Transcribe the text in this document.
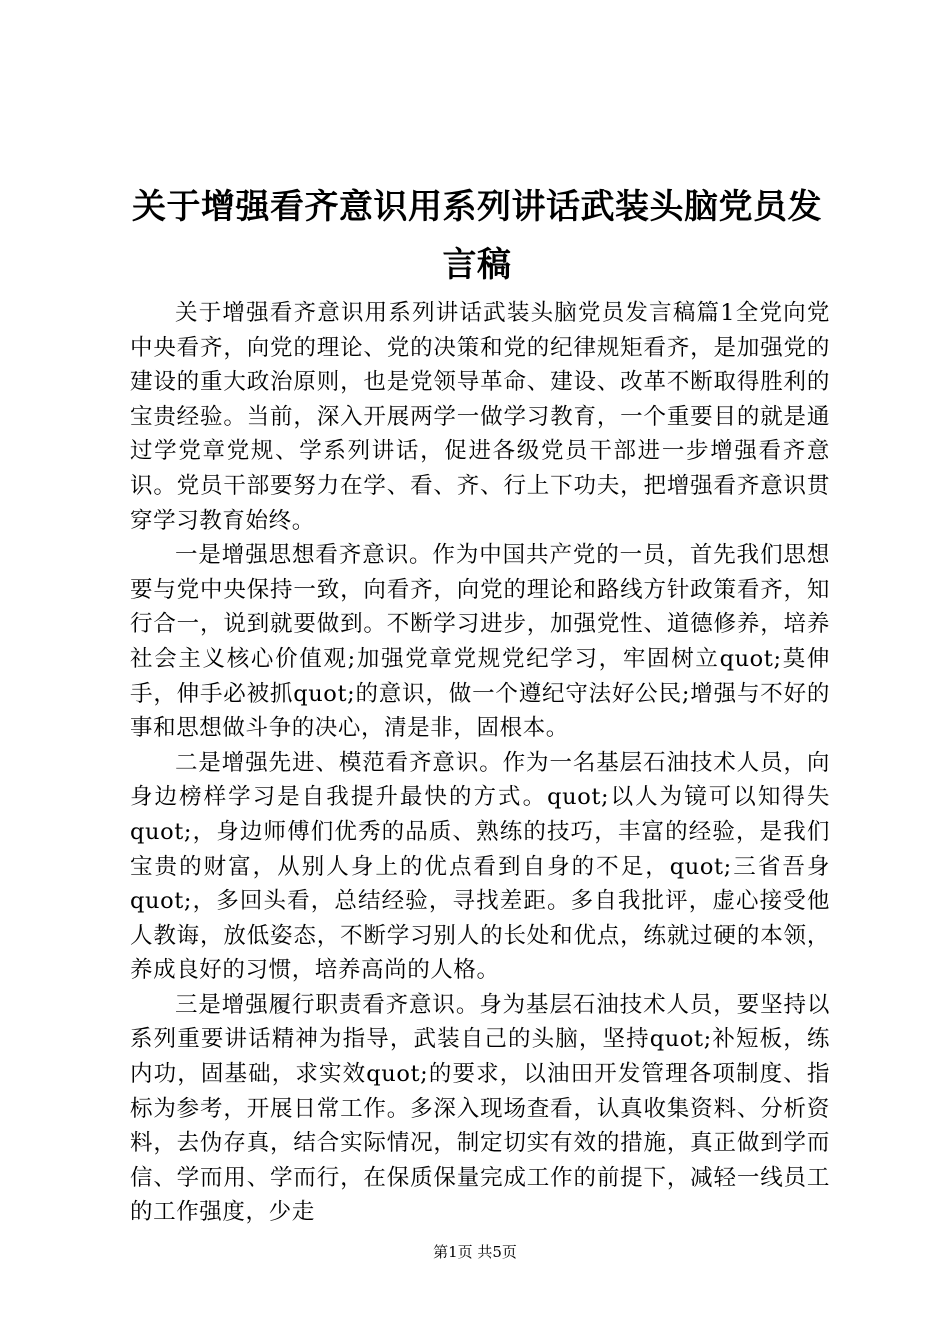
关于增强看齐意识用系列讲话武装头脑党员发言稿

关于增强看齐意识用系列讲话武装头脑党员发言稿篇1全党向党中央看齐，向党的理论、党的决策和党的纪律规矩看齐，是加强党的建设的重大政治原则，也是党领导革命、建设、改革不断取得胜利的宝贵经验。当前，深入开展两学一做学习教育，一个重要目的就是通过学党章党规、学系列讲话，促进各级党员干部进一步增强看齐意识。党员干部要努力在学、看、齐、行上下功夫，把增强看齐意识贯穿学习教育始终。

一是增强思想看齐意识。作为中国共产党的一员，首先我们思想要与党中央保持一致，向看齐，向党的理论和路线方针政策看齐，知行合一，说到就要做到。不断学习进步，加强党性、道德修养，培养社会主义核心价值观;加强党章党规党纪学习，牢固树立quot;莫伸手，伸手必被抓quot;的意识，做一个遵纪守法好公民;增强与不好的事和思想做斗争的决心，清是非，固根本。

二是增强先进、模范看齐意识。作为一名基层石油技术人员，向身边榜样学习是自我提升最快的方式。quot;以人为镜可以知得失quot;，身边师傅们优秀的品质、熟练的技巧，丰富的经验，是我们宝贵的财富，从别人身上的优点看到自身的不足，quot;三省吾身quot;，多回头看，总结经验，寻找差距。多自我批评，虚心接受他人教诲，放低姿态，不断学习别人的长处和优点，练就过硬的本领，养成良好的习惯，培养高尚的人格。

三是增强履行职责看齐意识。身为基层石油技术人员，要坚持以系列重要讲话精神为指导，武装自己的头脑，坚持quot;补短板，练内功，固基础，求实效quot;的要求，以油田开发管理各项制度、指标为参考，开展日常工作。多深入现场查看，认真收集资料、分析资料，去伪存真，结合实际情况，制定切实有效的措施，真正做到学而信、学而用、学而行，在保质保量完成工作的前提下，减轻一线员工的工作强度，少走

第1页 共5页
